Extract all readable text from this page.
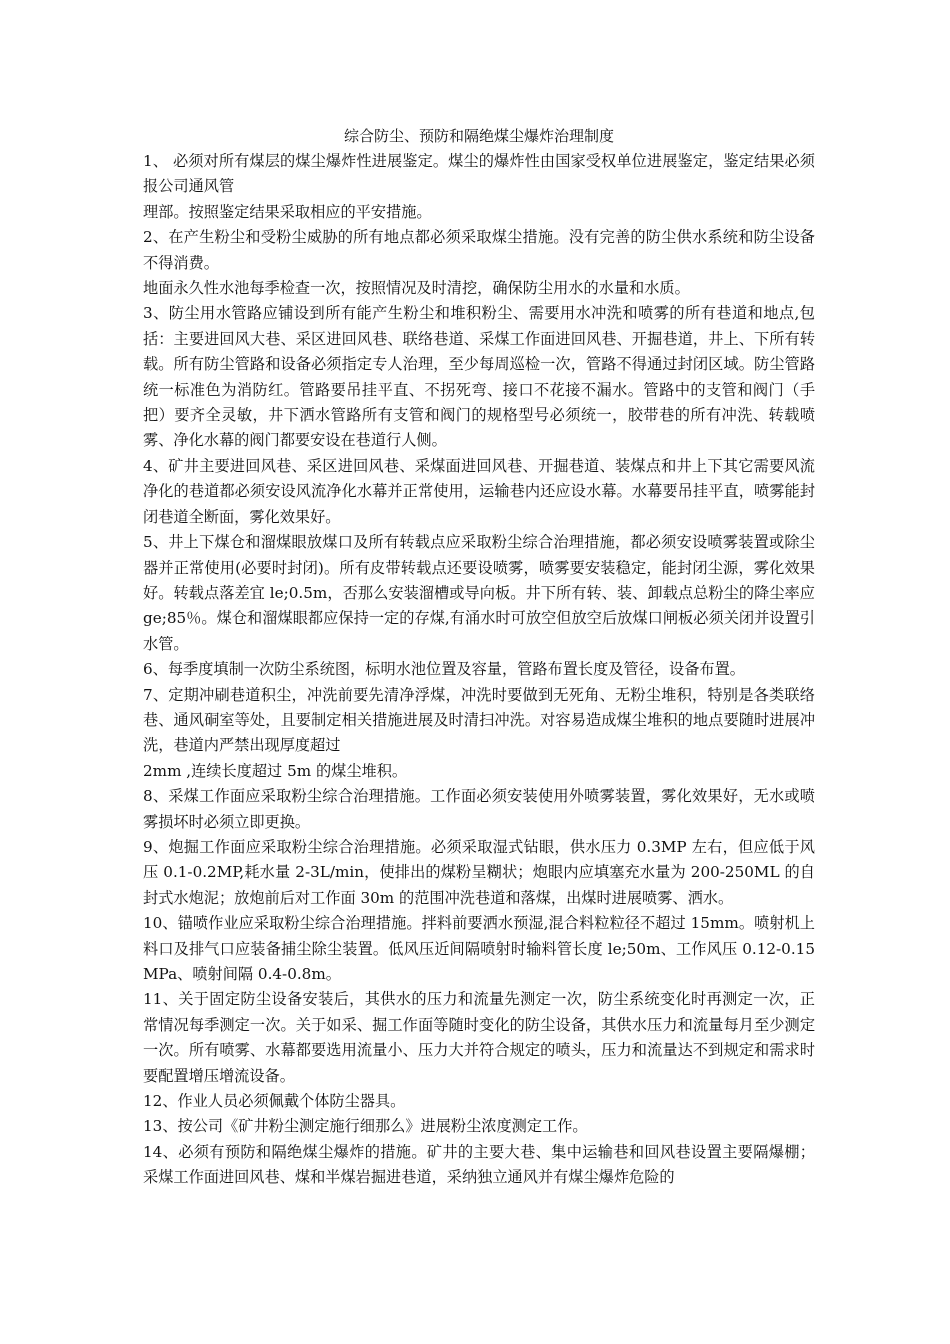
综合防尘、预防和隔绝煤尘爆炸治理制度

1、 必须对所有煤层的煤尘爆炸性进展鉴定。煤尘的爆炸性由国家受权单位进展鉴定，鉴定结果必须报公司通风管

理部。按照鉴定结果采取相应的平安措施。

2、在产生粉尘和受粉尘威胁的所有地点都必须采取煤尘措施。没有完善的防尘供水系统和防尘设备不得消费。

地面永久性水池每季检查一次，按照情况及时清挖，确保防尘用水的水量和水质。

3、防尘用水管路应铺设到所有能产生粉尘和堆积粉尘、需要用水冲洗和喷雾的所有巷道和地点,包括：主要进回风大巷、采区进回风巷、联络巷道、采煤工作面进回风巷、开掘巷道，井上、下所有转载。所有防尘管路和设备必须指定专人治理，至少每周巡检一次，管路不得通过封闭区域。防尘管路统一标准色为消防红。管路要吊挂平直、不拐死弯、接口不花接不漏水。管路中的支管和阀门（手把）要齐全灵敏，井下洒水管路所有支管和阀门的规格型号必须统一，胶带巷的所有冲洗、转载喷雾、净化水幕的阀门都要安设在巷道行人侧。

4、矿井主要进回风巷、采区进回风巷、采煤面进回风巷、开掘巷道、装煤点和井上下其它需要风流净化的巷道都必须安设风流净化水幕并正常使用，运输巷内还应设水幕。水幕要吊挂平直，喷雾能封闭巷道全断面，雾化效果好。

5、井上下煤仓和溜煤眼放煤口及所有转载点应采取粉尘综合治理措施，都必须安设喷雾装置或除尘器并正常使用(必要时封闭)。所有皮带转载点还要设喷雾，喷雾要安装稳定，能封闭尘源，雾化效果好。转载点落差宜 le;0.5m，否那么安装溜槽或导向板。井下所有转、装、卸载点总粉尘的降尘率应 ge;85％。煤仓和溜煤眼都应保持一定的存煤,有涌水时可放空但放空后放煤口闸板必须关闭并设置引水管。

6、每季度填制一次防尘系统图，标明水池位置及容量，管路布置长度及管径，设备布置。

7、定期冲刷巷道积尘，冲洗前要先清净浮煤，冲洗时要做到无死角、无粉尘堆积，特别是各类联络巷、通风硐室等处，且要制定相关措施进展及时清扫冲洗。对容易造成煤尘堆积的地点要随时进展冲洗，巷道内严禁出现厚度超过

2mm ,连续长度超过 5m 的煤尘堆积。

8、采煤工作面应采取粉尘综合治理措施。工作面必须安装使用外喷雾装置，雾化效果好，无水或喷雾损坏时必须立即更换。

9、炮掘工作面应采取粉尘综合治理措施。必须采取湿式钻眼，供水压力 0.3MP 左右，但应低于风压 0.1-0.2MP,耗水量 2-3L/min，使排出的煤粉呈糊状；炮眼内应填塞充水量为 200-250ML 的自封式水炮泥；放炮前后对工作面 30m 的范围冲洗巷道和落煤，出煤时进展喷雾、洒水。

10、锚喷作业应采取粉尘综合治理措施。拌料前要洒水预湿,混合料粒粒径不超过 15mm。喷射机上料口及排气口应装备捕尘除尘装置。低风压近间隔喷射时输料管长度 le;50m、工作风压 0.12-0.15MPa、喷射间隔 0.4-0.8m。

11、关于固定防尘设备安装后，其供水的压力和流量先测定一次，防尘系统变化时再测定一次，正常情况每季测定一次。关于如采、掘工作面等随时变化的防尘设备，其供水压力和流量每月至少测定一次。所有喷雾、水幕都要选用流量小、压力大并符合规定的喷头，压力和流量达不到规定和需求时要配置增压增流设备。

12、作业人员必须佩戴个体防尘器具。

13、按公司《矿井粉尘测定施行细那么》进展粉尘浓度测定工作。

14、必须有预防和隔绝煤尘爆炸的措施。矿井的主要大巷、集中运输巷和回风巷设置主要隔爆棚；采煤工作面进回风巷、煤和半煤岩掘进巷道，采纳独立通风并有煤尘爆炸危险的
